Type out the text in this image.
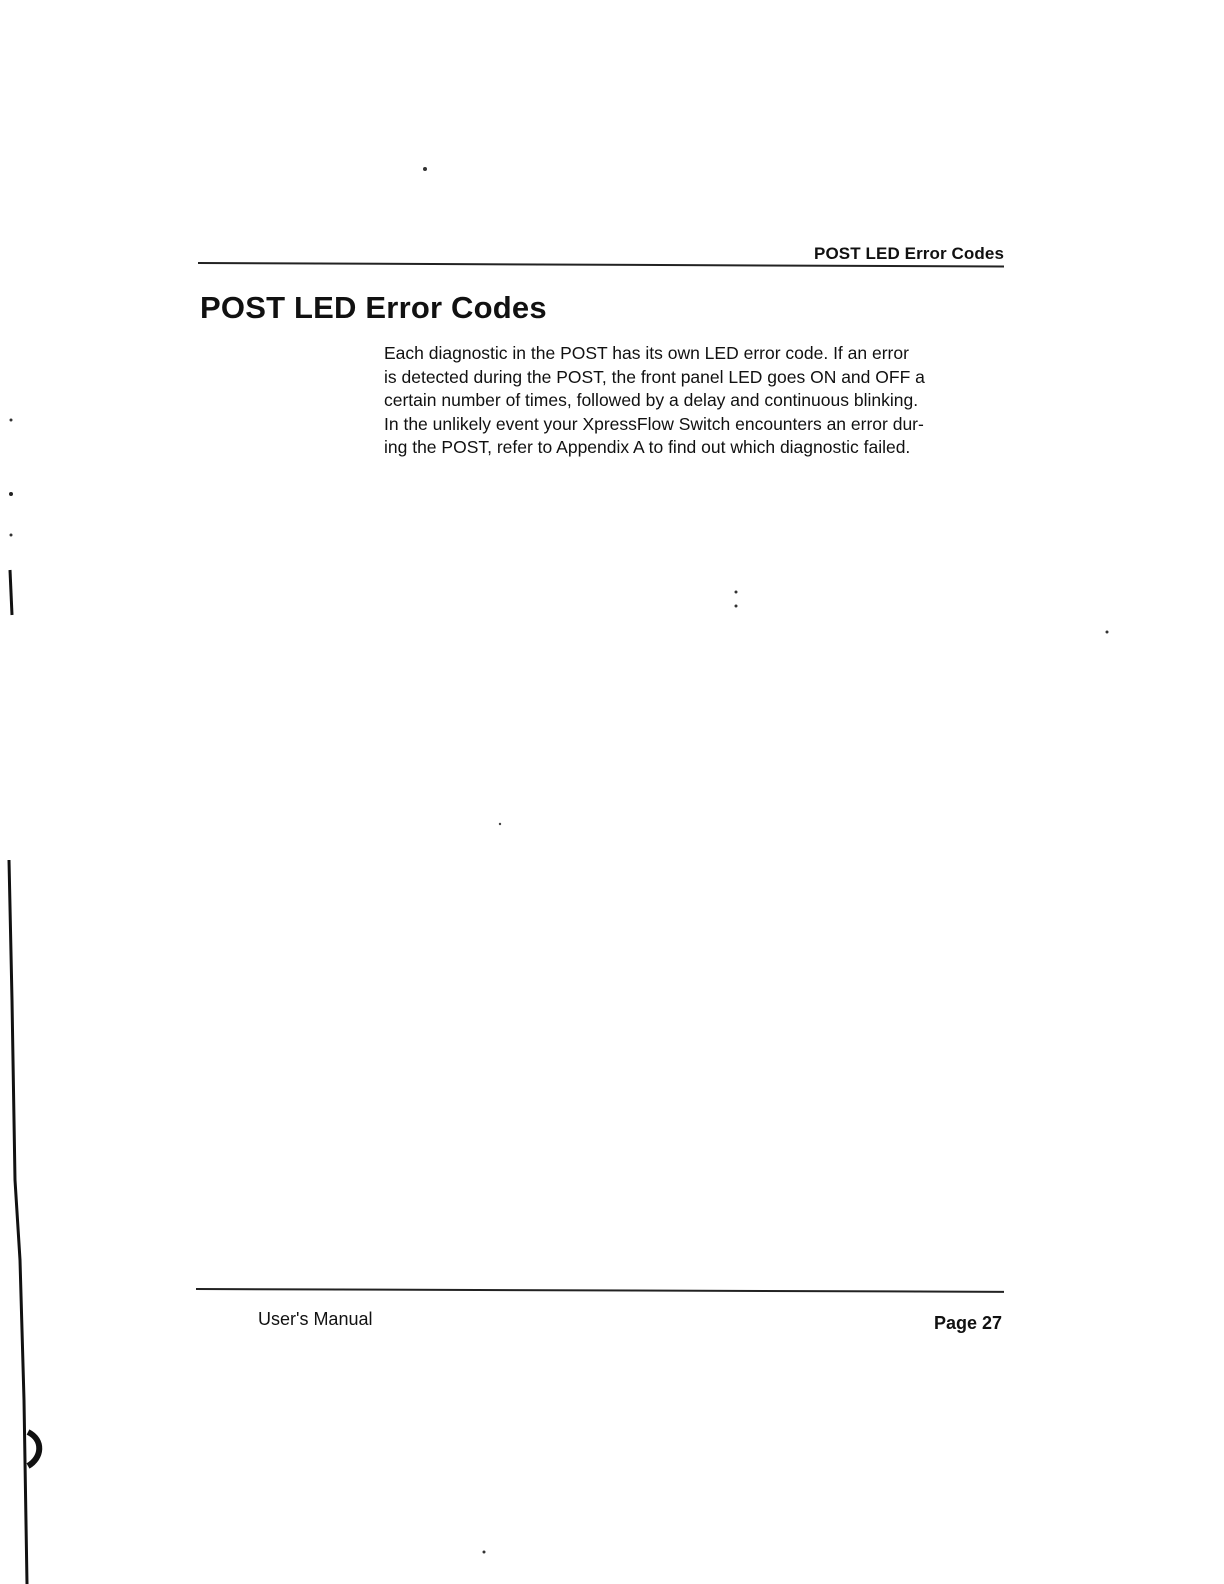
POST LED Error Codes
POST LED Error Codes

Each diagnostic in the POST has its own LED error code. If an error
is detected during the POST, the front panel LED goes ON and OFF a
certain number of times, followed by a delay and continuous blinking.
In the unlikely event your XpressFlow Switch encounters an error dur-
ing the POST, refer to Appendix A to find out which diagnostic failed.

User's Manual	Page 27
